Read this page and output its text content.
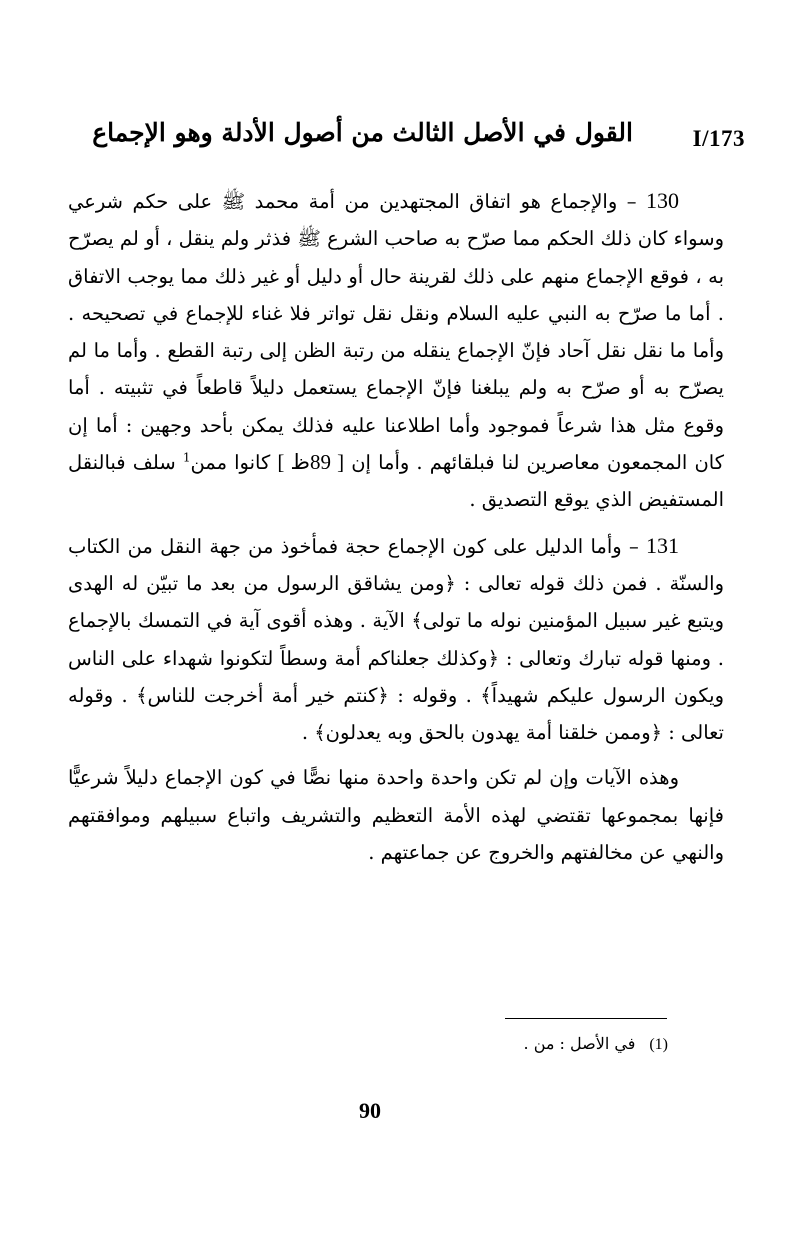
I/173
القول في الأصل الثالث من أصول الأدلة وهو الإجماع

130 – والإجماع هو اتفاق المجتهدين من أمة محمد ﷺ على حكم شرعي وسواء كان ذلك الحكم مما صرّح به صاحب الشرع ﷺ فذثر ولم ينقل ، أو لم يصرّح به ، فوقع الإجماع منهم على ذلك لقرينة حال أو دليل أو غير ذلك مما يوجب الاتفاق . أما ما صرّح به النبي عليه السلام ونقل نقل تواتر فلا غناء للإجماع في تصحيحه . وأما ما نقل نقل آحاد فإنّ الإجماع ينقله من رتبة الظن إلى رتبة القطع . وأما ما لم يصرّح به أو صرّح به ولم يبلغنا فإنّ الإجماع يستعمل دليلاً قاطعاً في تثبيته . أما وقوع مثل هذا شرعاً فموجود وأما اطلاعنا عليه فذلك يمكن بأحد وجهين : أما إن كان المجمعون معاصرين لنا فبلقائهم . وأما إن [ 89ظ ] كانوا ممن$^1$ سلف فبالنقل المستفيض الذي يوقع التصديق .

131 – وأما الدليل على كون الإجماع حجة فمأخوذ من جهة النقل من الكتاب والسنّة . فمن ذلك قوله تعالى : ﴿ومن يشاقق الرسول من بعد ما تبيّن له الهدى ويتبع غير سبيل المؤمنين نوله ما تولى﴾ الآية . وهذه أقوى آية في التمسك بالإجماع . ومنها قوله تبارك وتعالى : ﴿وكذلك جعلناكم أمة وسطاً لتكونوا شهداء على الناس ويكون الرسول عليكم شهيداً﴾ . وقوله : ﴿كنتم خير أمة أخرجت للناس﴾ . وقوله تعالى : ﴿وممن خلقنا أمة يهدون بالحق وبه يعدلون﴾ .

وهذه الآيات وإن لم تكن واحدة واحدة منها نصًّا في كون الإجماع دليلاً شرعيًّا فإنها بمجموعها تقتضي لهذه الأمة التعظيم والتشريف واتباع سبيلهم وموافقتهم والنهي عن مخالفتهم والخروج عن جماعتهم .

(1)في الأصل : من .
90
